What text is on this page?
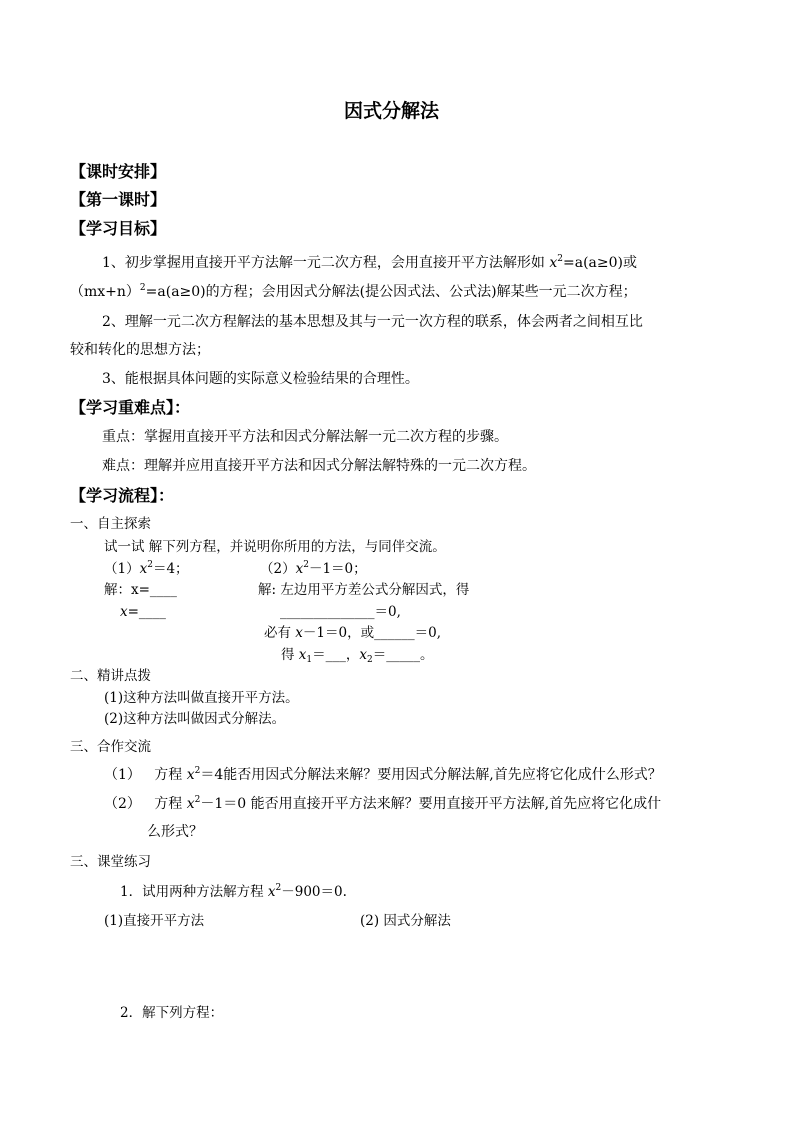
因式分解法
【课时安排】
【第一课时】
【学习目标】
1、初步掌握用直接开平方法解一元二次方程，会用直接开平方法解形如 $x^2=a(a\ge 0)$或
$(mx+n)^2=a(a\ge 0)$的方程；会用因式分解法(提公因式法、公式法)解某些一元二次方程；
2、理解一元二次方程解法的基本思想及其与一元一次方程的联系，体会两者之间相互比
较和转化的思想方法；
3、能根据具体问题的实际意义检验结果的合理性。
【学习重难点】：
重点：掌握用直接开平方法和因式分解法解一元二次方程的步骤。
难点：理解并应用直接开平方法和因式分解法解特殊的一元二次方程。
【学习流程】：
一、自主探索
试一试 解下列方程，并说明你所用的方法，与同伴交流。
$(1)x^2=4$；	$(2)x^2-1=0$；
解：x=____	解: 左边用平方差公式分解因式，得
x=____	______________＝0,
必有 x－1＝0，或______＝0,
得 $x_1=\_\_\_$，$x_2=\_\_\_\_\_$。
二、精讲点拨
(1)这种方法叫做直接开平方法。
(2)这种方法叫做因式分解法。
三、合作交流
（1） 方程 $x^2=4$能否用因式分解法来解？要用因式分解法解,首先应将它化成什么形式？
（2） 方程 $x^2-1=0$ 能否用直接开平方法来解？要用直接开平方法解,首先应将它化成什
么形式？
三、课堂练习
1．试用两种方法解方程 $x^2-900=0$.
(1)直接开平方法	(2) 因式分解法
2．解下列方程：
